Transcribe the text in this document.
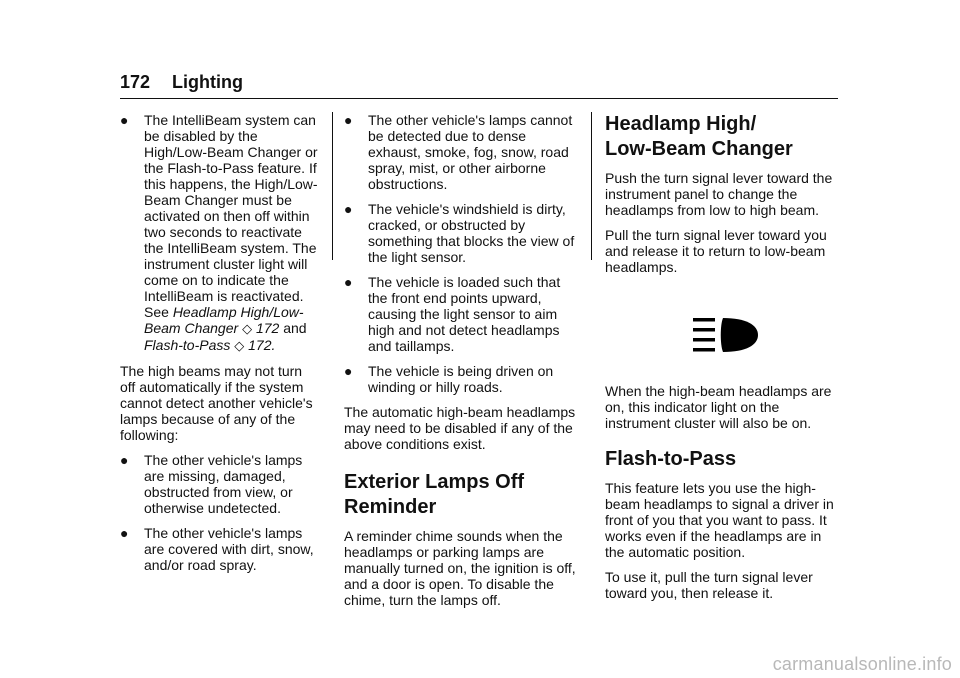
172 Lighting
● The IntelliBeam system can be disabled by the High/Low-Beam Changer or the Flash-to-Pass feature. If this happens, the High/Low-Beam Changer must be activated on then off within two seconds to reactivate the IntelliBeam system. The instrument cluster light will come on to indicate the IntelliBeam is reactivated.
See Headlamp High/Low-Beam Changer ◇ 172 and
Flash-to-Pass ◇ 172.

The high beams may not turn off automatically if the system cannot detect another vehicle's lamps because of any of the following:

● The other vehicle's lamps are missing, damaged, obstructed from view, or otherwise undetected.
● The other vehicle's lamps are covered with dirt, snow, and/or road spray.
● The other vehicle's lamps cannot be detected due to dense exhaust, smoke, fog, snow, road spray, mist, or other airborne obstructions.
● The vehicle's windshield is dirty, cracked, or obstructed by something that blocks the view of the light sensor.
● The vehicle is loaded such that the front end points upward, causing the light sensor to aim high and not detect headlamps and taillamps.
● The vehicle is being driven on winding or hilly roads.

The automatic high-beam headlamps may need to be disabled if any of the above conditions exist.

Exterior Lamps Off Reminder

A reminder chime sounds when the headlamps or parking lamps are manually turned on, the ignition is off, and a door is open. To disable the chime, turn the lamps off.

Headlamp High/ Low-Beam Changer

Push the turn signal lever toward the instrument panel to change the headlamps from low to high beam.

Pull the turn signal lever toward you and release it to return to low-beam headlamps.

When the high-beam headlamps are on, this indicator light on the instrument cluster will also be on.

Flash-to-Pass

This feature lets you use the high-beam headlamps to signal a driver in front of you that you want to pass. It works even if the headlamps are in the automatic position.

To use it, pull the turn signal lever toward you, then release it.

carmanualsonline.info
